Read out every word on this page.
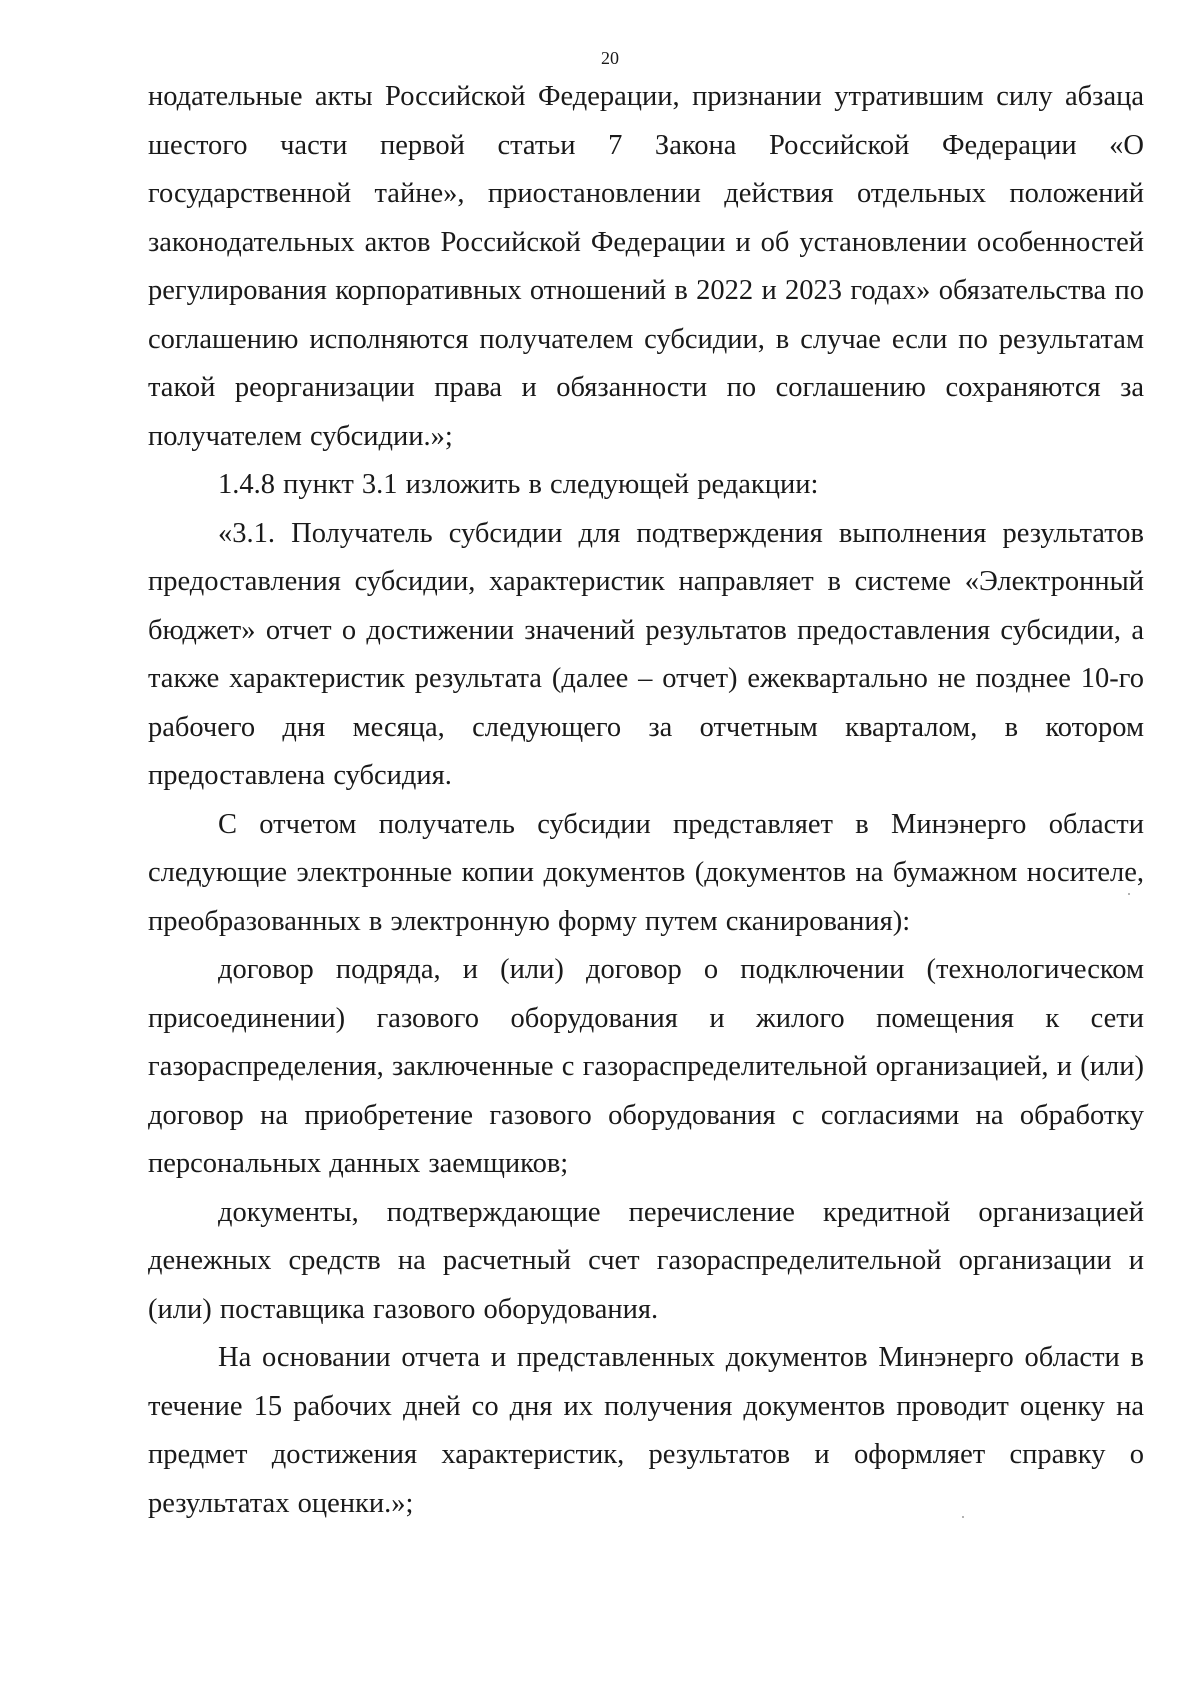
20

нодательные акты Российской Федерации, признании утратившим силу абзаца шестого части первой статьи 7 Закона Российской Федерации «О государственной тайне», приостановлении действия отдельных положений законодательных актов Российской Федерации и об установлении особенностей регулирования корпоративных отношений в 2022 и 2023 годах» обязательства по соглашению исполняются получателем субсидии, в случае если по результатам такой реорганизации права и обязанности по соглашению сохраняются за получателем субсидии.»;

1.4.8 пункт 3.1 изложить в следующей редакции:

«3.1. Получатель субсидии для подтверждения выполнения результатов предоставления субсидии, характеристик направляет в системе «Электронный бюджет» отчет о достижении значений результатов предоставления субсидии, а также характеристик результата (далее – отчет) ежеквартально не позднее 10-го рабочего дня месяца, следующего за отчетным кварталом, в котором предоставлена субсидия.

С отчетом получатель субсидии представляет в Минэнерго области следующие электронные копии документов (документов на бумажном носителе, преобразованных в электронную форму путем сканирования):

договор подряда, и (или) договор о подключении (технологическом присоединении) газового оборудования и жилого помещения к сети газораспределения, заключенные с газораспределительной организацией, и (или) договор на приобретение газового оборудования с согласиями на обработку персональных данных заемщиков;

документы, подтверждающие перечисление кредитной организацией денежных средств на расчетный счет газораспределительной организации и (или) поставщика газового оборудования.

На основании отчета и представленных документов Минэнерго области в течение 15 рабочих дней со дня их получения документов проводит оценку на предмет достижения характеристик, результатов и оформляет справку о результатах оценки.»;
